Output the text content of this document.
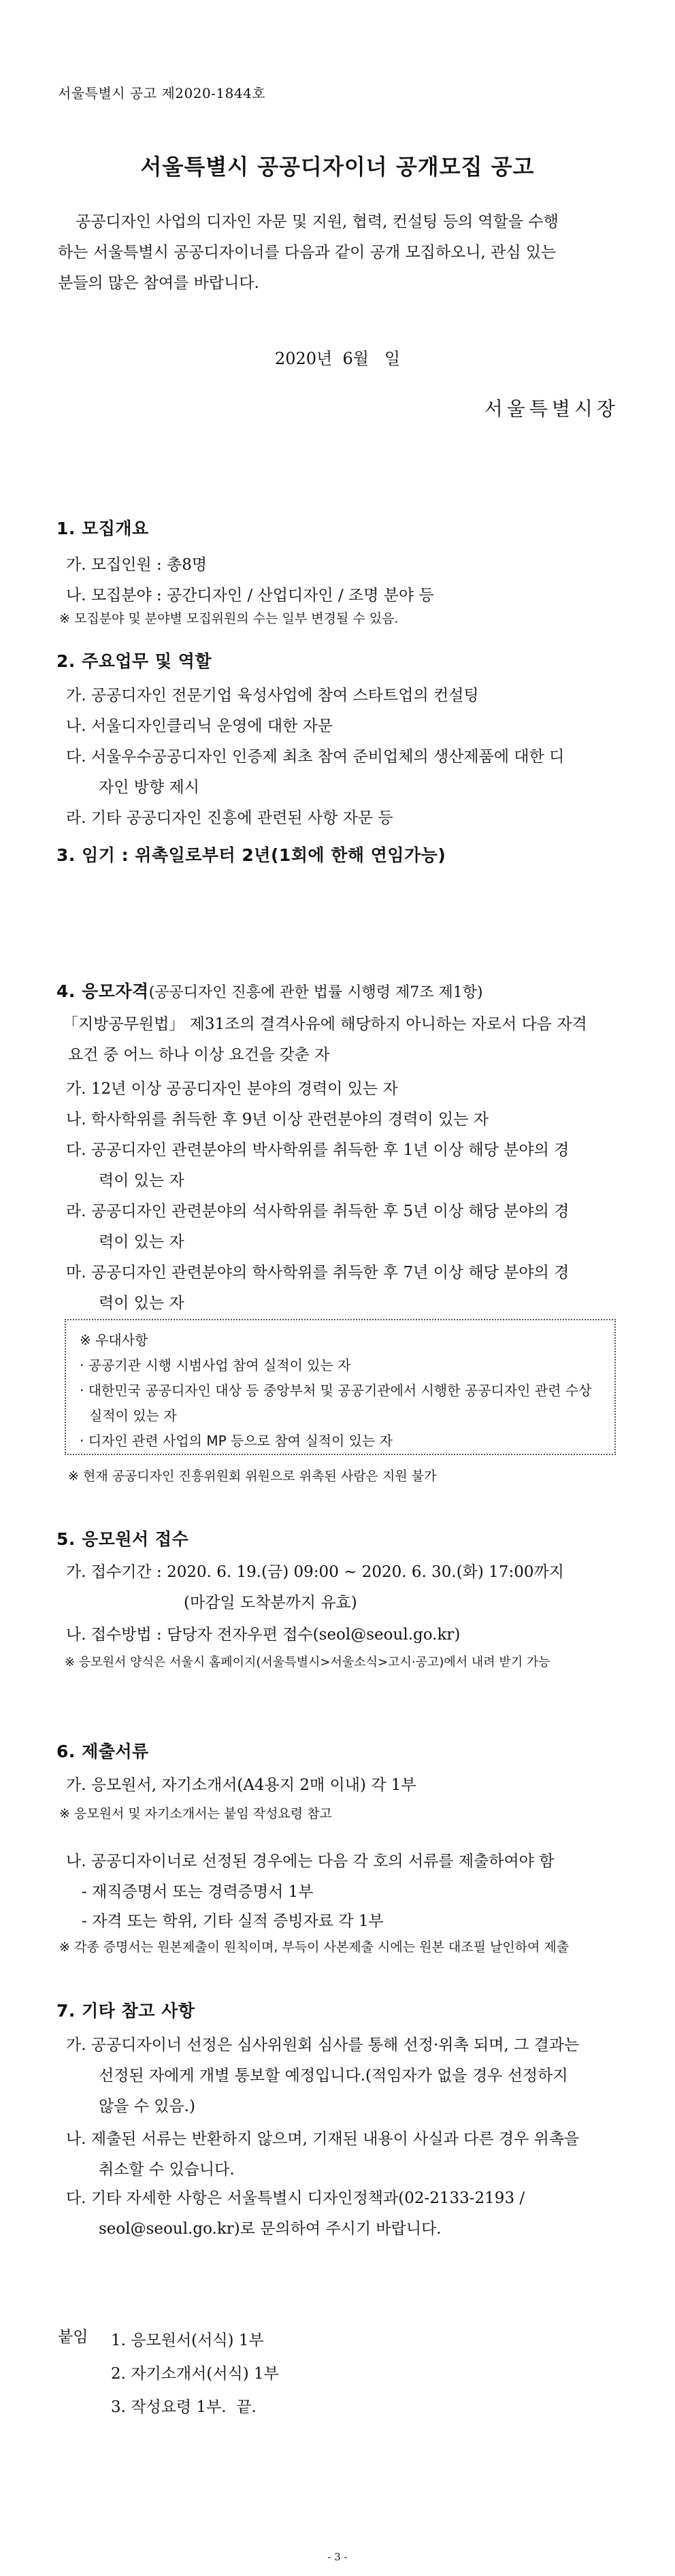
서울특별시 공고 제2020-1844호
서울특별시 공공디자이너 공개모집 공고
공공디자인 사업의 디자인 자문 및 지원, 협력, 컨설팅 등의 역할을 수행
하는 서울특별시 공공디자이너를 다음과 같이 공개 모집하오니, 관심 있는
분들의 많은 참여를 바랍니다.
2020년  6월   일
서울특별시장
1. 모집개요
가. 모집인원 : 총8명
나. 모집분야 : 공간디자인 / 산업디자인 / 조명 분야 등
※ 모집분야 및 분야별 모집위원의 수는 일부 변경될 수 있음.
2. 주요업무 및 역할
가. 공공디자인 전문기업 육성사업에 참여 스타트업의 컨설팅
나. 서울디자인클리닉 운영에 대한 자문
다. 서울우수공공디자인 인증제 최초 참여 준비업체의 생산제품에 대한 디
자인 방향 제시
라. 기타 공공디자인 진흥에 관련된 사항 자문 등
3. 임기 : 위촉일로부터 2년(1회에 한해 연임가능)
4. 응모자격(공공디자인 진흥에 관한 법률 시행령 제7조 제1항)
「지방공무원법」 제31조의 결격사유에 해당하지 아니하는 자로서 다음 자격
요건 중 어느 하나 이상 요건을 갖춘 자
가. 12년 이상 공공디자인 분야의 경력이 있는 자
나. 학사학위를 취득한 후 9년 이상 관련분야의 경력이 있는 자
다. 공공디자인 관련분야의 박사학위를 취득한 후 1년 이상 해당 분야의 경
력이 있는 자
라. 공공디자인 관련분야의 석사학위를 취득한 후 5년 이상 해당 분야의 경
력이 있는 자
마. 공공디자인 관련분야의 학사학위를 취득한 후 7년 이상 해당 분야의 경
력이 있는 자
※ 우대사항
· 공공기관 시행 시범사업 참여 실적이 있는 자
· 대한민국 공공디자인 대상 등 중앙부처 및 공공기관에서 시행한 공공디자인 관련 수상
실적이 있는 자
· 디자인 관련 사업의 MP 등으로 참여 실적이 있는 자
※ 현재 공공디자인 진흥위원회 위원으로 위촉된 사람은 지원 불가
5. 응모원서 접수
가. 접수기간 : 2020. 6. 19.(금) 09:00 ~ 2020. 6. 30.(화) 17:00까지
(마감일 도착분까지 유효)
나. 접수방법 : 담당자 전자우편 접수(seol@seoul.go.kr)
※ 응모원서 양식은 서울시 홈페이지(서울특별시>서울소식>고시·공고)에서 내려 받기 가능
6. 제출서류
가. 응모원서, 자기소개서(A4용지 2매 이내) 각 1부
※ 응모원서 및 자기소개서는 붙임 작성요령 참고
나. 공공디자이너로 선정된 경우에는 다음 각 호의 서류를 제출하여야 함
- 재직증명서 또는 경력증명서 1부
- 자격 또는 학위, 기타 실적 증빙자료 각 1부
※ 각종 증명서는 원본제출이 원칙이며, 부득이 사본제출 시에는 원본 대조필 날인하여 제출
7. 기타 참고 사항
가. 공공디자이너 선정은 심사위원회 심사를 통해 선정·위촉 되며, 그 결과는
선정된 자에게 개별 통보할 예정입니다.(적임자가 없을 경우 선정하지
않을 수 있음.)
나. 제출된 서류는 반환하지 않으며, 기재된 내용이 사실과 다른 경우 위촉을
취소할 수 있습니다.
다. 기타 자세한 사항은 서울특별시 디자인정책과(02-2133-2193 /
seol@seoul.go.kr)로 문의하여 주시기 바랍니다.
붙임 1. 응모원서(서식) 1부
2. 자기소개서(서식) 1부
3. 작성요령 1부.  끝.
- 3 -
